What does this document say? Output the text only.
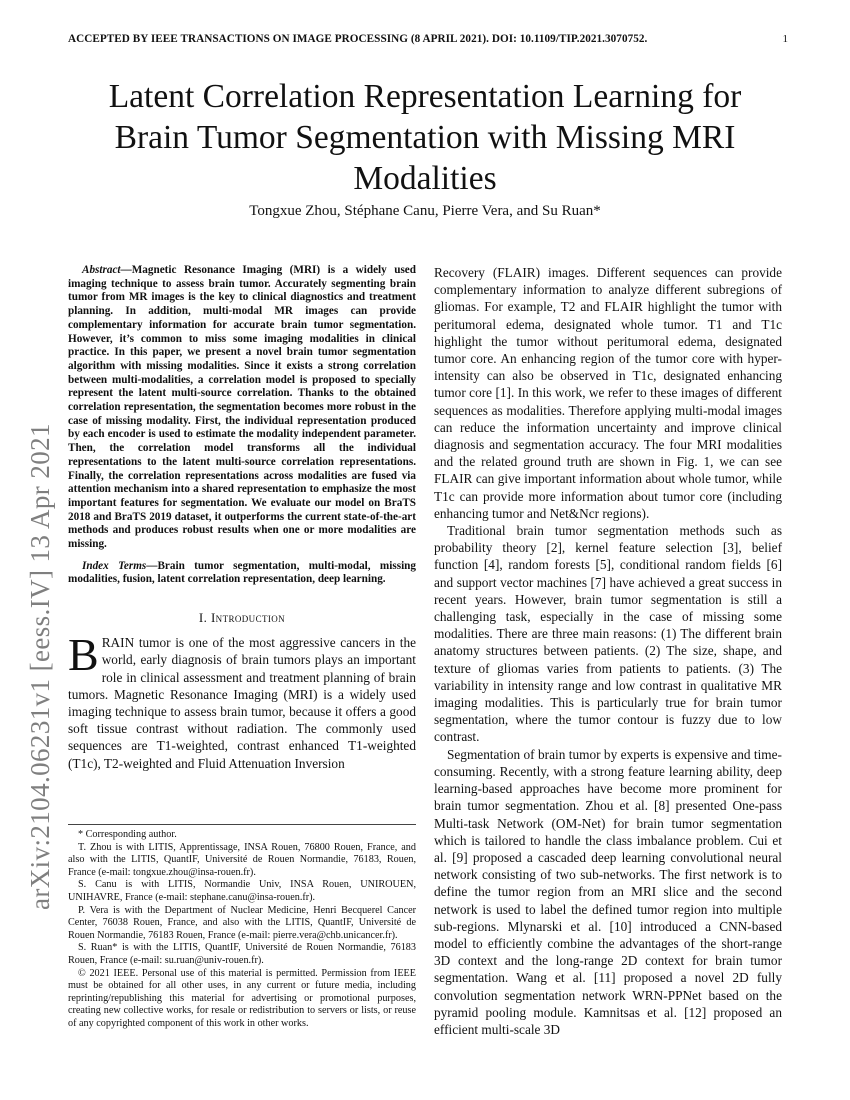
ACCEPTED BY IEEE TRANSACTIONS ON IMAGE PROCESSING (8 APRIL 2021). DOI: 10.1109/TIP.2021.3070752.	1
arXiv:2104.06231v1 [eess.IV] 13 Apr 2021
Latent Correlation Representation Learning for Brain Tumor Segmentation with Missing MRI Modalities
Tongxue Zhou, Stéphane Canu, Pierre Vera, and Su Ruan*

Abstract—Magnetic Resonance Imaging (MRI) is a widely used imaging technique to assess brain tumor. Accurately segmenting brain tumor from MR images is the key to clinical diagnostics and treatment planning. In addition, multi-modal MR images can provide complementary information for accurate brain tumor segmentation. However, it’s common to miss some imaging modalities in clinical practice. In this paper, we present a novel brain tumor segmentation algorithm with missing modalities. Since it exists a strong correlation between multi-modalities, a correlation model is proposed to specially represent the latent multi-source correlation. Thanks to the obtained correlation representation, the segmentation becomes more robust in the case of missing modality. First, the individual representation produced by each encoder is used to estimate the modality independent parameter. Then, the correlation model transforms all the individual representations to the latent multi-source correlation representations. Finally, the correlation representations across modalities are fused via attention mechanism into a shared representation to emphasize the most important features for segmentation. We evaluate our model on BraTS 2018 and BraTS 2019 dataset, it outperforms the current state-of-the-art methods and produces robust results when one or more modalities are missing.

Index Terms—Brain tumor segmentation, multi-modal, missing modalities, fusion, latent correlation representation, deep learning.

I. Introduction

BRAIN tumor is one of the most aggressive cancers in the world, early diagnosis of brain tumors plays an important role in clinical assessment and treatment planning of brain tumors. Magnetic Resonance Imaging (MRI) is a widely used imaging technique to assess brain tumor, because it offers a good soft tissue contrast without radiation. The commonly used sequences are T1-weighted, contrast enhanced T1-weighted (T1c), T2-weighted and Fluid Attenuation Inversion

* Corresponding author.

T. Zhou is with LITIS, Apprentissage, INSA Rouen, 76800 Rouen, France, and also with the LITIS, QuantIF, Université de Rouen Normandie, 76183, Rouen, France (e-mail: tongxue.zhou@insa-rouen.fr).

S. Canu is with LITIS, Normandie Univ, INSA Rouen, UNIROUEN, UNIHAVRE, France (e-mail: stephane.canu@insa-rouen.fr).

P. Vera is with the Department of Nuclear Medicine, Henri Becquerel Cancer Center, 76038 Rouen, France, and also with the LITIS, QuantIF, Université de Rouen Normandie, 76183 Rouen, France (e-mail: pierre.vera@chb.unicancer.fr).

S. Ruan* is with the LITIS, QuantIF, Université de Rouen Normandie, 76183 Rouen, France (e-mail: su.ruan@univ-rouen.fr).

© 2021 IEEE. Personal use of this material is permitted. Permission from IEEE must be obtained for all other uses, in any current or future media, including reprinting/republishing this material for advertising or promotional purposes, creating new collective works, for resale or redistribution to servers or lists, or reuse of any copyrighted component of this work in other works.

Recovery (FLAIR) images. Different sequences can provide complementary information to analyze different subregions of gliomas. For example, T2 and FLAIR highlight the tumor with peritumoral edema, designated whole tumor. T1 and T1c highlight the tumor without peritumoral edema, designated tumor core. An enhancing region of the tumor core with hyper-intensity can also be observed in T1c, designated enhancing tumor core [1]. In this work, we refer to these images of different sequences as modalities. Therefore applying multi-modal images can reduce the information uncertainty and improve clinical diagnosis and segmentation accuracy. The four MRI modalities and the related ground truth are shown in Fig. 1, we can see FLAIR can give important information about whole tumor, while T1c can provide more information about tumor core (including enhancing tumor and Net&Ncr regions).

Traditional brain tumor segmentation methods such as probability theory [2], kernel feature selection [3], belief function [4], random forests [5], conditional random fields [6] and support vector machines [7] have achieved a great success in recent years. However, brain tumor segmentation is still a challenging task, especially in the case of missing some modalities. There are three main reasons: (1) The different brain anatomy structures between patients. (2) The size, shape, and texture of gliomas varies from patients to patients. (3) The variability in intensity range and low contrast in qualitative MR imaging modalities. This is particularly true for brain tumor segmentation, where the tumor contour is fuzzy due to low contrast.

Segmentation of brain tumor by experts is expensive and time-consuming. Recently, with a strong feature learning ability, deep learning-based approaches have become more prominent for brain tumor segmentation. Zhou et al. [8] presented One-pass Multi-task Network (OM-Net) for brain tumor segmentation which is tailored to handle the class imbalance problem. Cui et al. [9] proposed a cascaded deep learning convolutional neural network consisting of two sub-networks. The first network is to define the tumor region from an MRI slice and the second network is used to label the defined tumor region into multiple sub-regions. Mlynarski et al. [10] introduced a CNN-based model to efficiently combine the advantages of the short-range 3D context and the long-range 2D context for brain tumor segmentation. Wang et al. [11] proposed a novel 2D fully convolution segmentation network WRN-PPNet based on the pyramid pooling module. Kamnitsas et al. [12] proposed an efficient multi-scale 3D
